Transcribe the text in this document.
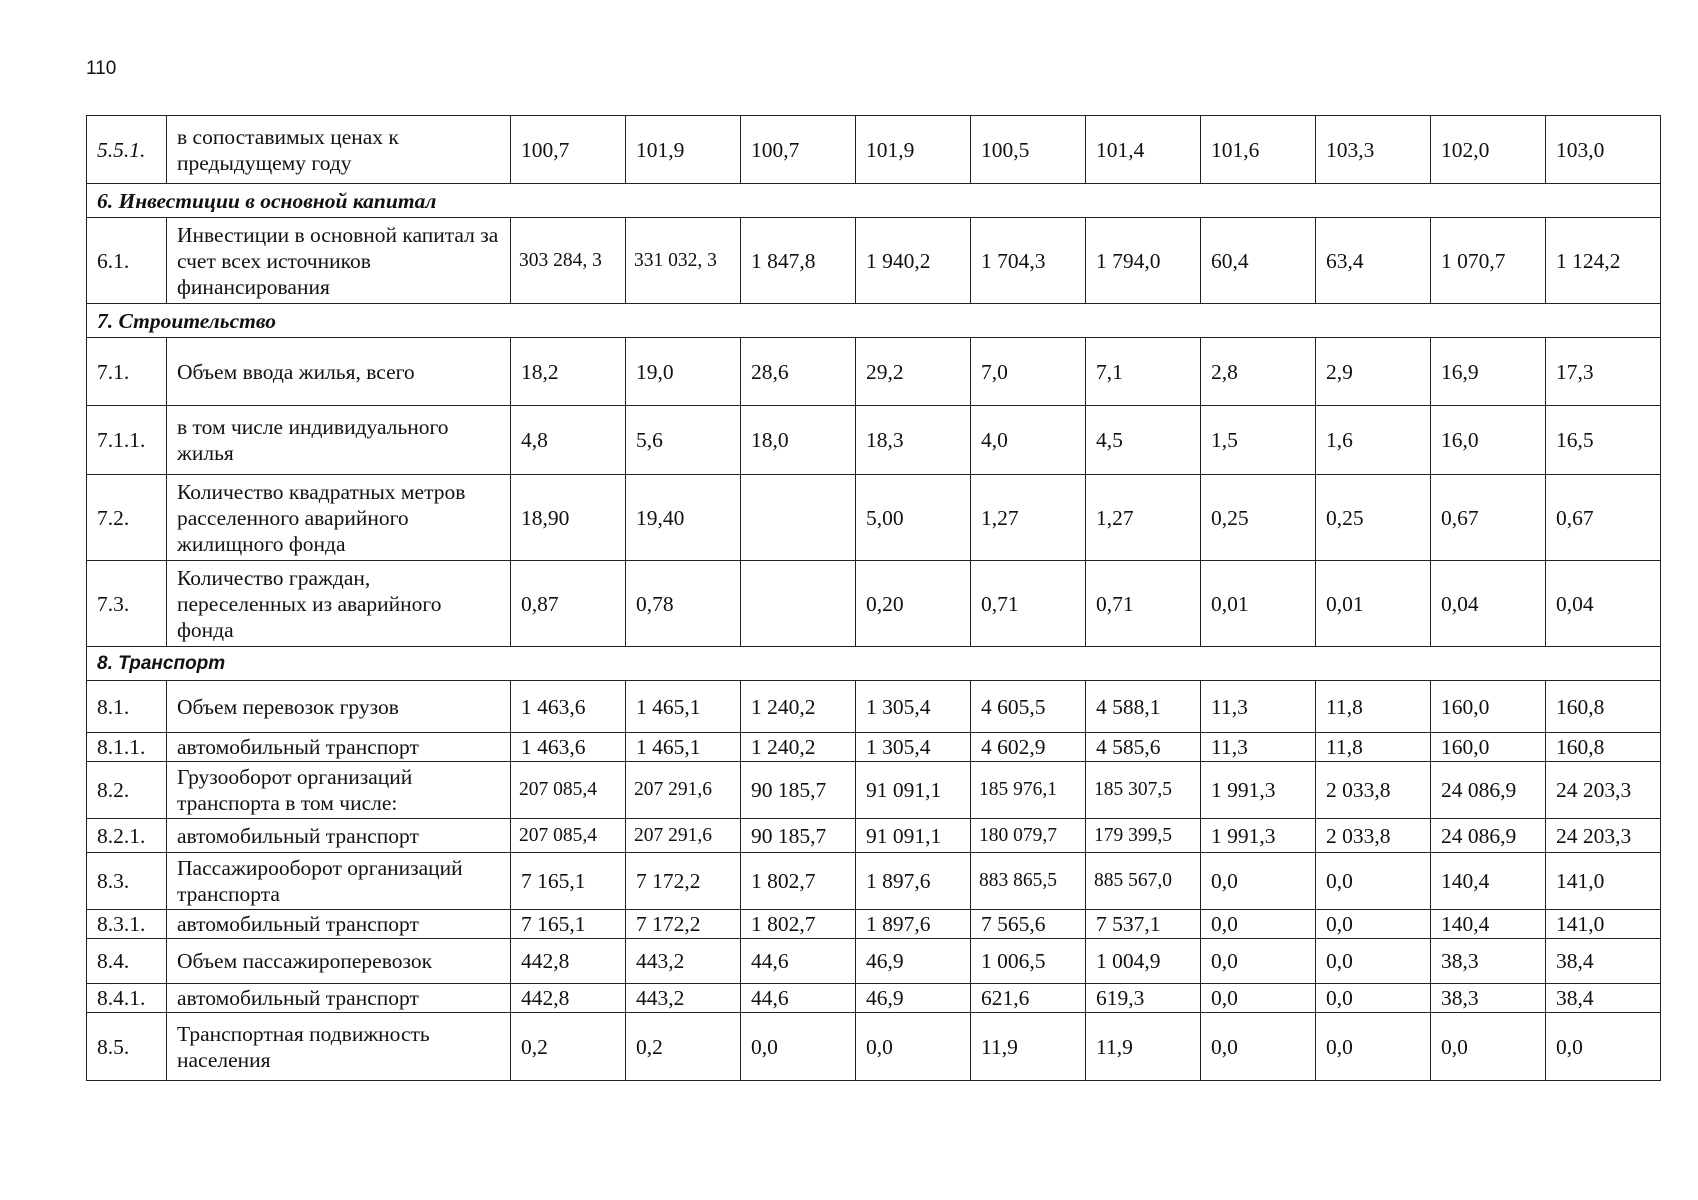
110
5.5.1.	в сопоставимых ценах к предыдущему году	100,7	101,9	100,7	101,9	100,5	101,4	101,6	103,3	102,0	103,0
6. Инвестиции в основной капитал											
6.1.	Инвестиции в основной капитал за счет всех источников финансирования	303 284, 3	331 032, 3	1 847,8	1 940,2	1 704,3	1 794,0	60,4	63,4	1 070,7	1 124,2
7. Строительство											
7.1.	Объем ввода жилья, всего	18,2	19,0	28,6	29,2	7,0	7,1	2,8	2,9	16,9	17,3
7.1.1.	в том числе индивидуального жилья	4,8	5,6	18,0	18,3	4,0	4,5	1,5	1,6	16,0	16,5
7.2.	Количество квадратных метров расселенного аварийного жилищного фонда	18,90	19,40		5,00	1,27	1,27	0,25	0,25	0,67	0,67
7.3.	Количество граждан, переселенных из аварийного фонда	0,87	0,78		0,20	0,71	0,71	0,01	0,01	0,04	0,04
8. Транспорт											
8.1.	Объем перевозок грузов	1 463,6	1 465,1	1 240,2	1 305,4	4 605,5	4 588,1	11,3	11,8	160,0	160,8
8.1.1.	автомобильный транспорт	1 463,6	1 465,1	1 240,2	1 305,4	4 602,9	4 585,6	11,3	11,8	160,0	160,8
8.2.	Грузооборот организаций транспорта в том числе:	207 085,4	207 291,6	90 185,7	91 091,1	185 976,1	185 307,5	1 991,3	2 033,8	24 086,9	24 203,3
8.2.1.	автомобильный транспорт	207 085,4	207 291,6	90 185,7	91 091,1	180 079,7	179 399,5	1 991,3	2 033,8	24 086,9	24 203,3
8.3.	Пассажирооборот организаций транспорта	7 165,1	7 172,2	1 802,7	1 897,6	883 865,5	885 567,0	0,0	0,0	140,4	141,0
8.3.1.	автомобильный транспорт	7 165,1	7 172,2	1 802,7	1 897,6	7 565,6	7 537,1	0,0	0,0	140,4	141,0
8.4.	Объем пассажироперевозок	442,8	443,2	44,6	46,9	1 006,5	1 004,9	0,0	0,0	38,3	38,4
8.4.1.	автомобильный транспорт	442,8	443,2	44,6	46,9	621,6	619,3	0,0	0,0	38,3	38,4
8.5.	Транспортная подвижность населения	0,2	0,2	0,0	0,0	11,9	11,9	0,0	0,0	0,0	0,0
